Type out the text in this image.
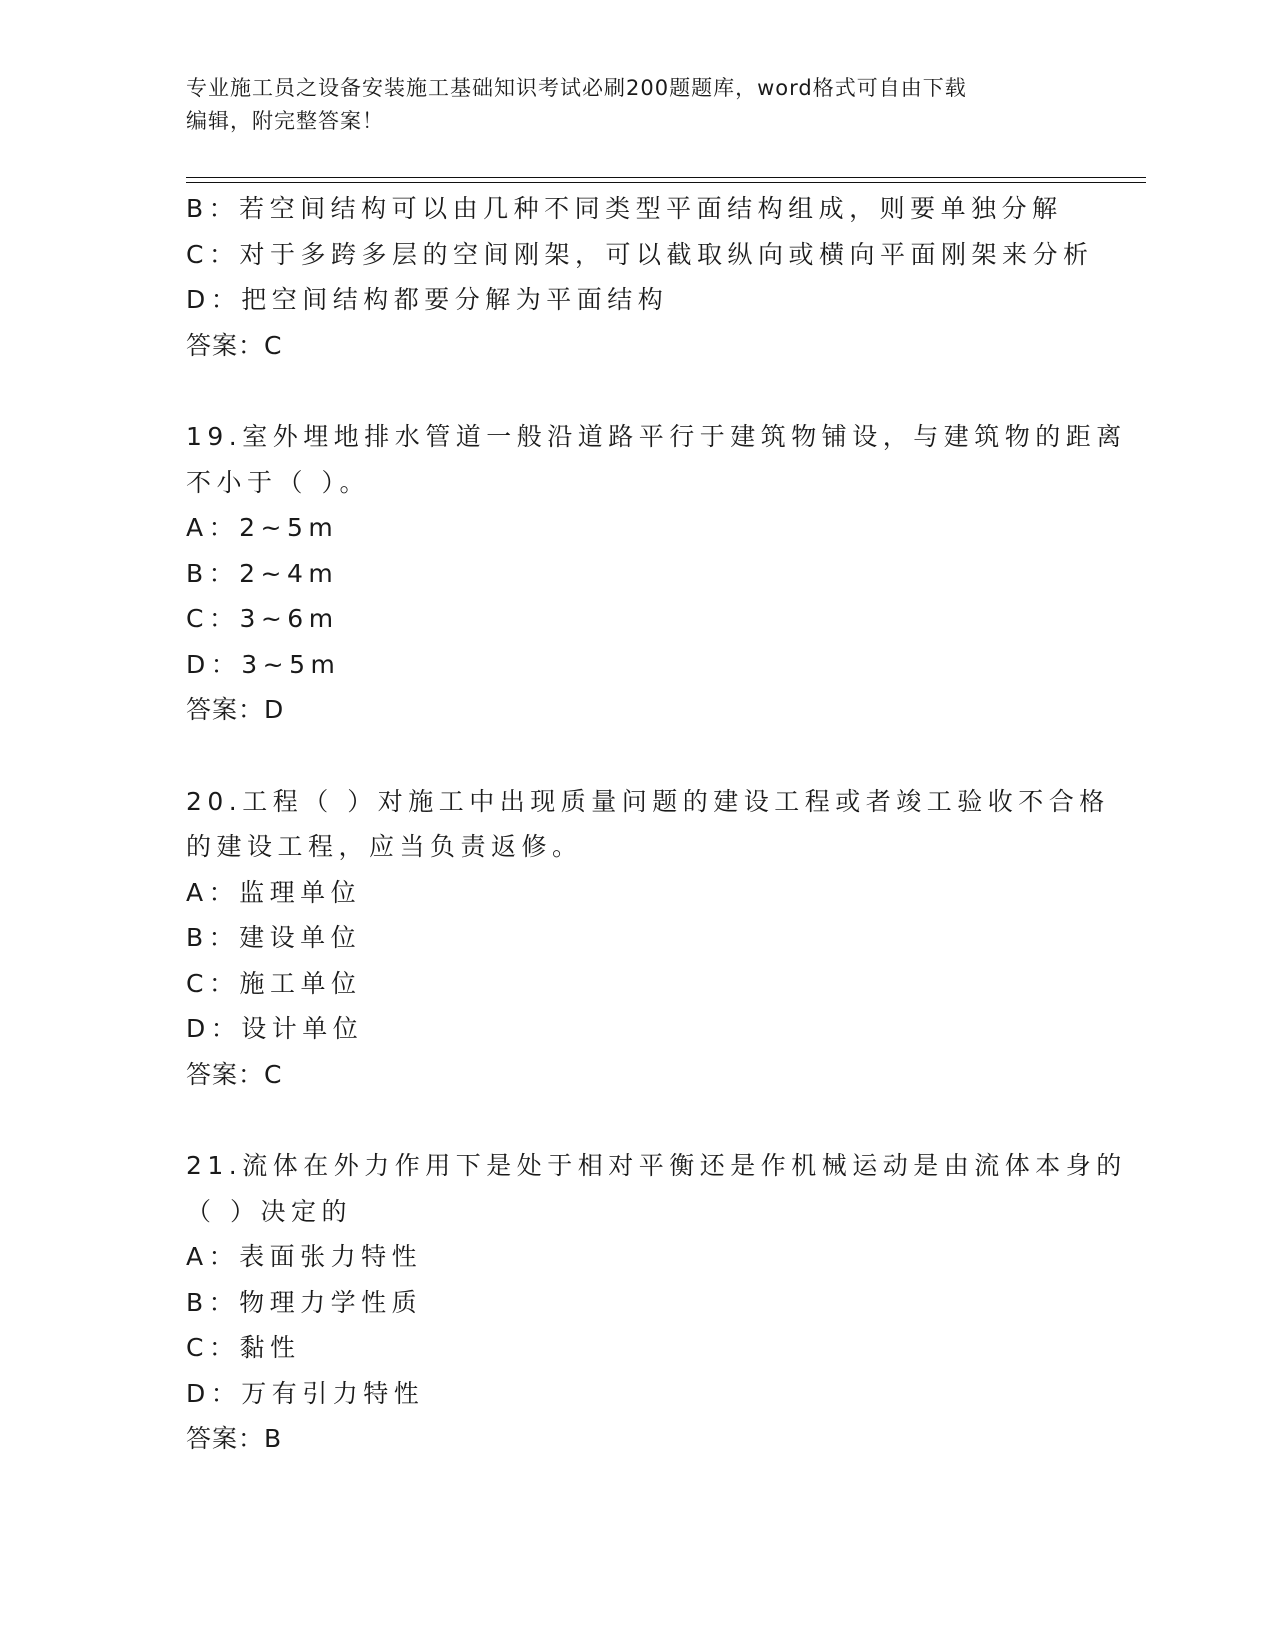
专业施工员之设备安装施工基础知识考试必刷200题题库，word格式可自由下载
编辑，附完整答案！
B：若空间结构可以由几种不同类型平面结构组成，则要单独分解
C：对于多跨多层的空间刚架，可以截取纵向或横向平面刚架来分析
D：把空间结构都要分解为平面结构
答案：C
19.室外埋地排水管道一般沿道路平行于建筑物铺设，与建筑物的距离
不小于（ ）。
A：2~5m
B：2~4m
C：3~6m
D：3~5m
答案：D
20.工程（ ）对施工中出现质量问题的建设工程或者竣工验收不合格
的建设工程，应当负责返修。
A：监理单位
B：建设单位
C：施工单位
D：设计单位
答案：C
21.流体在外力作用下是处于相对平衡还是作机械运动是由流体本身的
（ ）决定的
A：表面张力特性
B：物理力学性质
C：黏性
D：万有引力特性
答案：B
